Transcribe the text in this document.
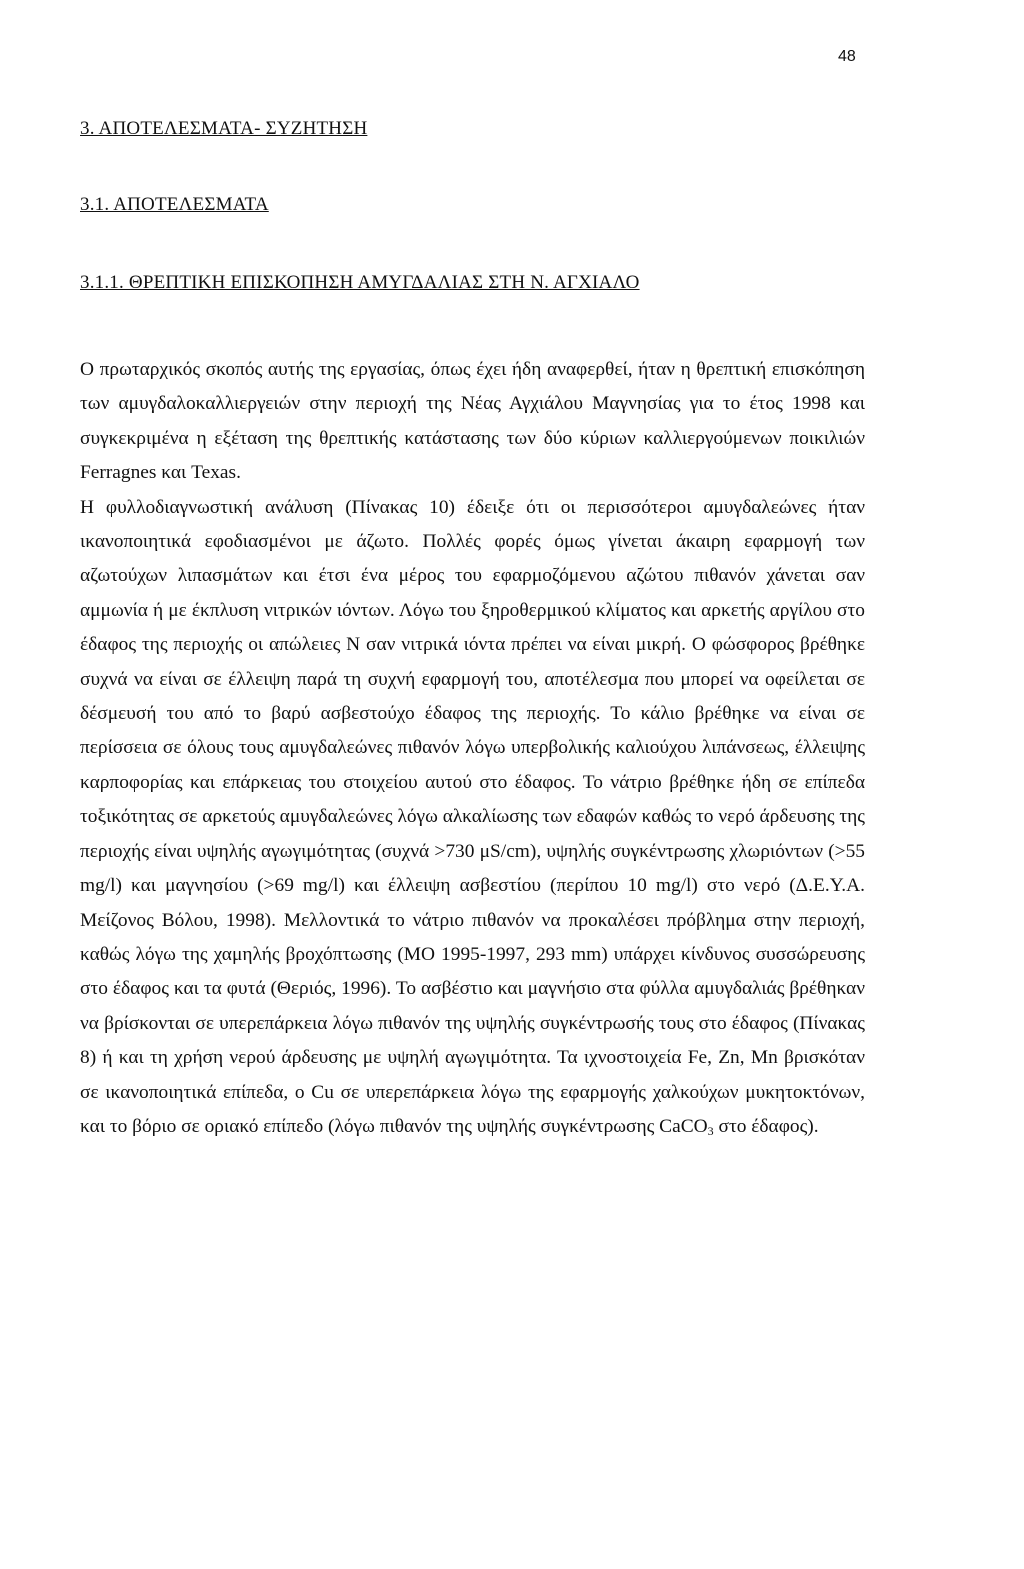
48
3. ΑΠΟΤΕΛΕΣΜΑΤΑ- ΣΥΖΗΤΗΣΗ
3.1. ΑΠΟΤΕΛΕΣΜΑΤΑ
3.1.1. ΘΡΕΠΤΙΚΗ ΕΠΙΣΚΟΠΗΣΗ ΑΜΥΓΔΑΛΙΑΣ ΣΤΗ Ν. ΑΓΧΙΑΛΟ

Ο πρωταρχικός σκοπός αυτής της εργασίας, όπως έχει ήδη αναφερθεί, ήταν η θρεπτική επισκόπηση των αμυγδαλοκαλλιεργειών στην περιοχή της Νέας Αγχιάλου Μαγνησίας για το έτος 1998 και συγκεκριμένα η εξέταση της θρεπτικής κατάστασης των δύο κύριων καλλιεργούμενων ποικιλιών Ferragnes και Texas.

Η φυλλοδιαγνωστική ανάλυση (Πίνακας 10) έδειξε ότι οι περισσότεροι αμυγδαλεώνες ήταν ικανοποιητικά εφοδιασμένοι με άζωτο. Πολλές φορές όμως γίνεται άκαιρη εφαρμογή των αζωτούχων λιπασμάτων και έτσι ένα μέρος του εφαρμοζόμενου αζώτου πιθανόν χάνεται σαν αμμωνία ή με έκπλυση νιτρικών ιόντων. Λόγω του ξηροθερμικού κλίματος και αρκετής αργίλου στο έδαφος της περιοχής οι απώλειες Ν σαν νιτρικά ιόντα πρέπει να είναι μικρή. Ο φώσφορος βρέθηκε συχνά να είναι σε έλλειψη παρά τη συχνή εφαρμογή του, αποτέλεσμα που μπορεί να οφείλεται σε δέσμευσή του από το βαρύ ασβεστούχο έδαφος της περιοχής. Το κάλιο βρέθηκε να είναι σε περίσσεια σε όλους τους αμυγδαλεώνες πιθανόν λόγω υπερβολικής καλιούχου λιπάνσεως, έλλειψης καρποφορίας και επάρκειας του στοιχείου αυτού στο έδαφος. Το νάτριο βρέθηκε ήδη σε επίπεδα τοξικότητας σε αρκετούς αμυγδαλεώνες λόγω αλκαλίωσης των εδαφών καθώς το νερό άρδευσης της περιοχής είναι υψηλής αγωγιμότητας (συχνά >730 μS/cm), υψηλής συγκέντρωσης χλωριόντων (>55 mg/l) και μαγνησίου (>69 mg/l) και έλλειψη ασβεστίου (περίπου 10 mg/l) στο νερό (Δ.Ε.Υ.Α. Μείζονος Βόλου, 1998). Μελλοντικά το νάτριο πιθανόν να προκαλέσει πρόβλημα στην περιοχή, καθώς λόγω της χαμηλής βροχόπτωσης (ΜΟ 1995-1997, 293 mm) υπάρχει κίνδυνος συσσώρευσης στο έδαφος και τα φυτά (Θεριός, 1996). Το ασβέστιο και μαγνήσιο στα φύλλα αμυγδαλιάς βρέθηκαν να βρίσκονται σε υπερεπάρκεια λόγω πιθανόν της υψηλής συγκέντρωσής τους στο έδαφος (Πίνακας 8) ή και τη χρήση νερού άρδευσης με υψηλή αγωγιμότητα. Τα ιχνοστοιχεία Fe, Zn, Mn βρισκόταν σε ικανοποιητικά επίπεδα, ο Cu σε υπερεπάρκεια λόγω της εφαρμογής χαλκούχων μυκητοκτόνων, και το βόριο σε οριακό επίπεδο (λόγω πιθανόν της υψηλής συγκέντρωσης CaCO$_3$ στο έδαφος).
